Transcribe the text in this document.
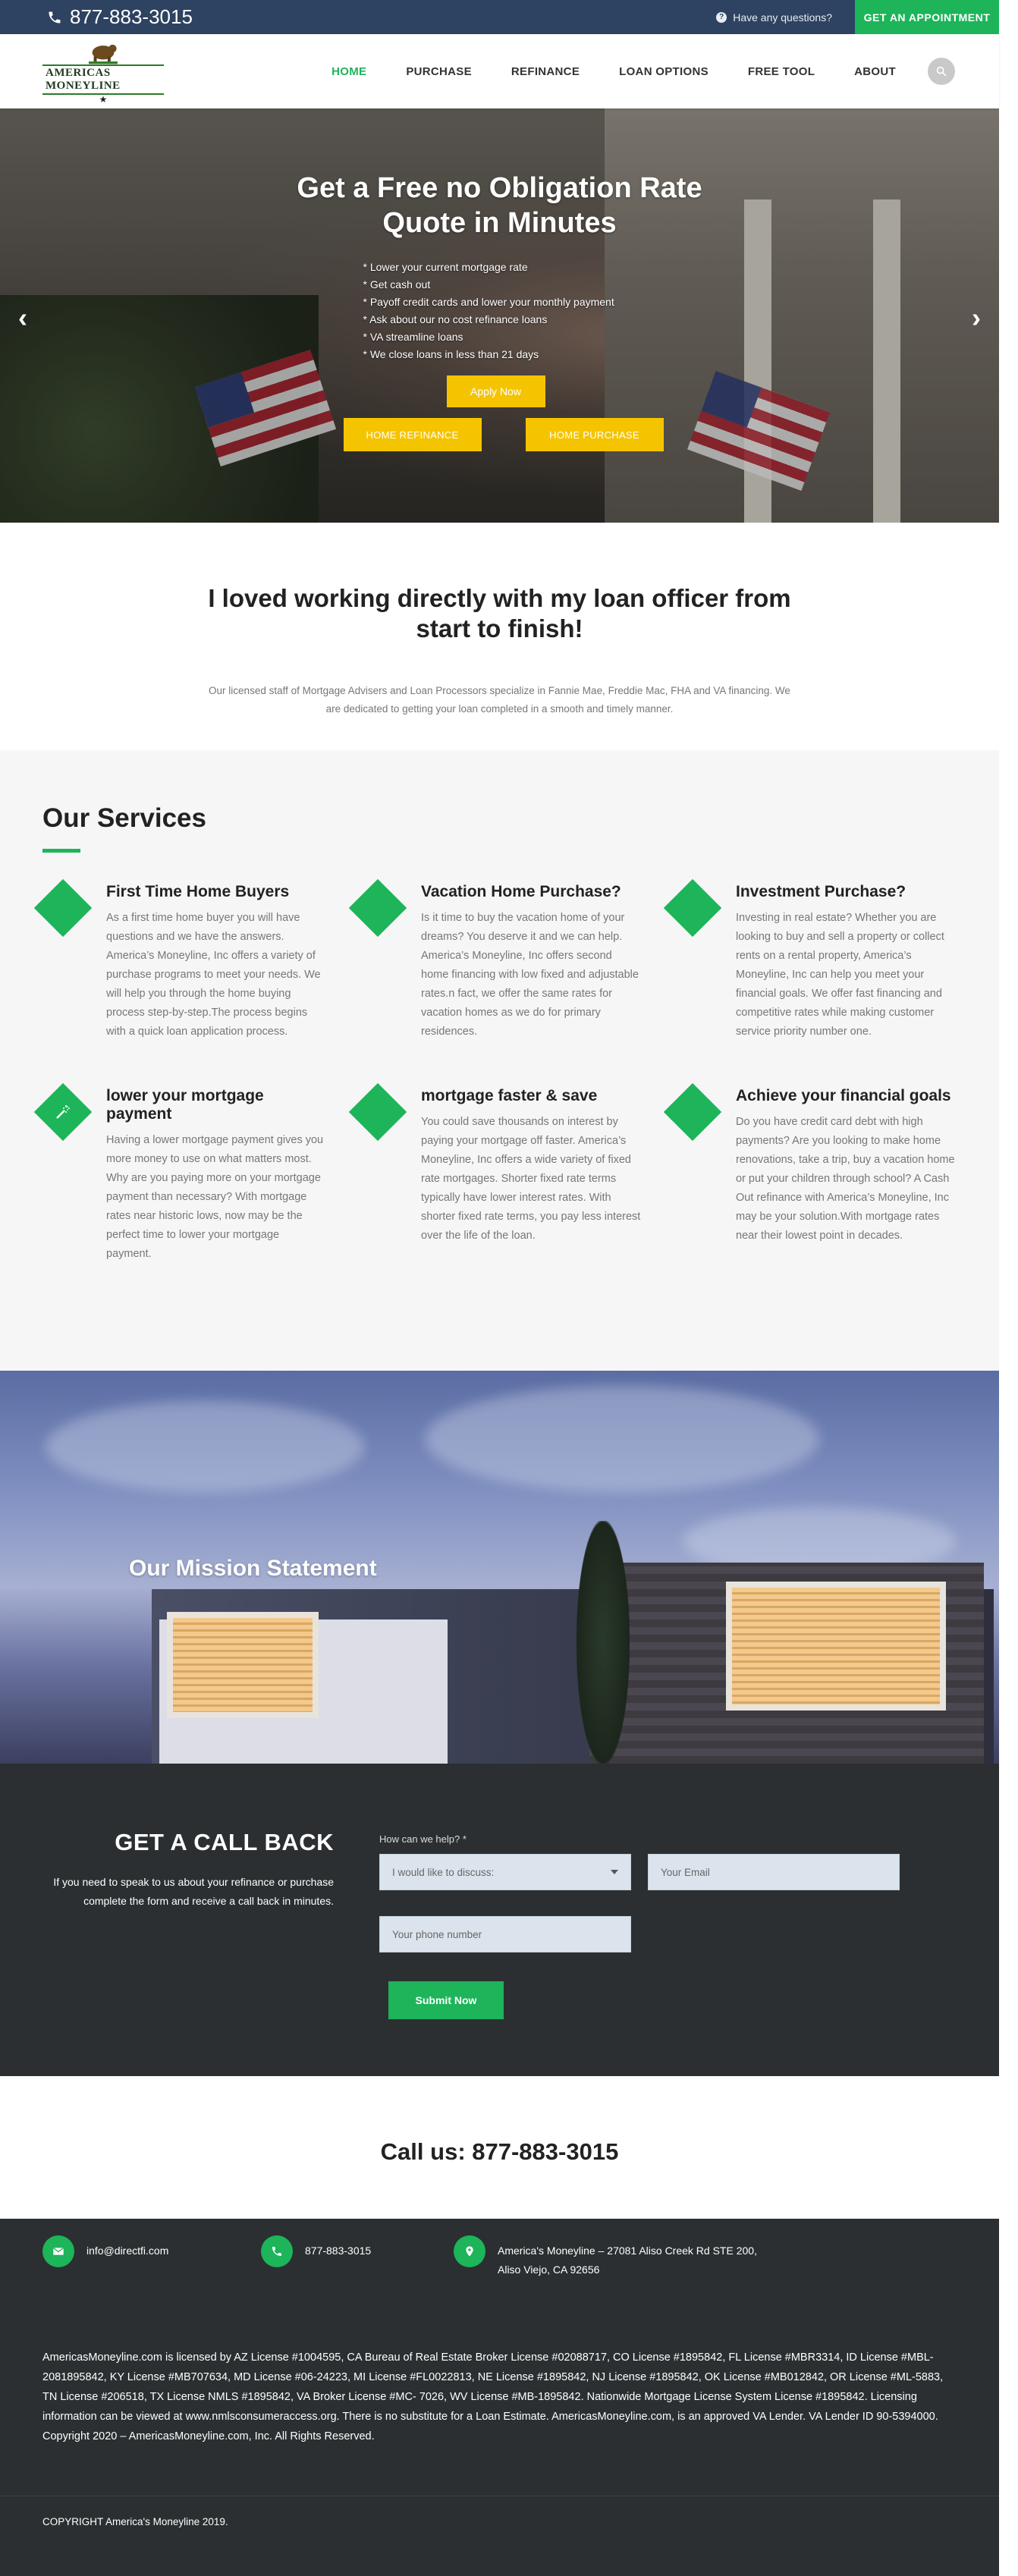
877-883-3015	? Have any questions?	GET AN APPOINTMENT
AMERICAS MONEYLINE
★
HOME	PURCHASE	REFINANCE	LOAN OPTIONS	FREE TOOL	ABOUT
Get a Free no Obligation Rate Quote in Minutes
* Lower your current mortgage rate
* Get cash out
* Payoff credit cards and lower your monthly payment
* Ask about our no cost refinance loans
* VA streamline loans
* We close loans in less than 21 days
Apply Now
HOME REFINANCE	HOME PURCHASE
‹	›
I loved working directly with my loan officer from start to finish!

Our licensed staff of Mortgage Advisers and Loan Processors specialize in Fannie Mae, Freddie Mac, FHA and VA financing. We are dedicated to getting your loan completed in a smooth and timely manner.

Our Services
First Time Home Buyers

As a first time home buyer you will have questions and we have the answers. America’s Moneyline, Inc offers a variety of purchase programs to meet your needs. We will help you through the home buying process step-by-step.The process begins with a quick loan application process.

Vacation Home Purchase?

Is it time to buy the vacation home of your dreams? You deserve it and we can help. America’s Moneyline, Inc offers second home financing with low fixed and adjustable rates.n fact, we offer the same rates for vacation homes as we do for primary residences.

Investment Purchase?

Investing in real estate? Whether you are looking to buy and sell a property or collect rents on a rental property, America’s Moneyline, Inc can help you meet your financial goals. We offer fast financing and competitive rates while making customer service priority number one.

lower your mortgage payment

Having a lower mortgage payment gives you more money to use on what matters most. Why are you paying more on your mortgage payment than necessary? With mortgage rates near historic lows, now may be the perfect time to lower your mortgage payment.

mortgage faster & save

You could save thousands on interest by paying your mortgage off faster. America’s Moneyline, Inc offers a wide variety of fixed rate mortgages. Shorter fixed rate terms typically have lower interest rates. With shorter fixed rate terms, you pay less interest over the life of the loan.

Achieve your financial goals

Do you have credit card debt with high payments? Are you looking to make home renovations, take a trip, buy a vacation home or put your children through school? A Cash Out refinance with America’s Moneyline, Inc may be your solution.With mortgage rates near their lowest point in decades.

Our Mission Statement
GET A CALL BACK

If you need to speak to us about your refinance or purchase complete the form and receive a call back in minutes.

How can we help? *
I would like to discuss:	Your Email
Your phone number
Submit Now
Call us: 877-883-3015
info@directfi.com	877-883-3015	America's Moneyline – 27081 Aliso Creek Rd STE 200, Aliso Viejo, CA 92656

AmericasMoneyline.com is licensed by AZ License #1004595, CA Bureau of Real Estate Broker License #02088717, CO License #1895842, FL License #MBR3314, ID License #MBL-2081895842, KY License #MB707634, MD License #06-24223, MI License #FL0022813, NE License #1895842, NJ License #1895842, OK License #MB012842, OR License #ML-5883, TN License #206518, TX License NMLS #1895842, VA Broker License #MC- 7026, WV License #MB-1895842. Nationwide Mortgage License System License #1895842. Licensing information can be viewed at www.nmlsconsumeraccess.org. There is no substitute for a Loan Estimate. AmericasMoneyline.com, is an approved VA Lender. VA Lender ID 90-5394000. Copyright 2020 – AmericasMoneyline.com, Inc. All Rights Reserved.

COPYRIGHT America's Moneyline 2019.
